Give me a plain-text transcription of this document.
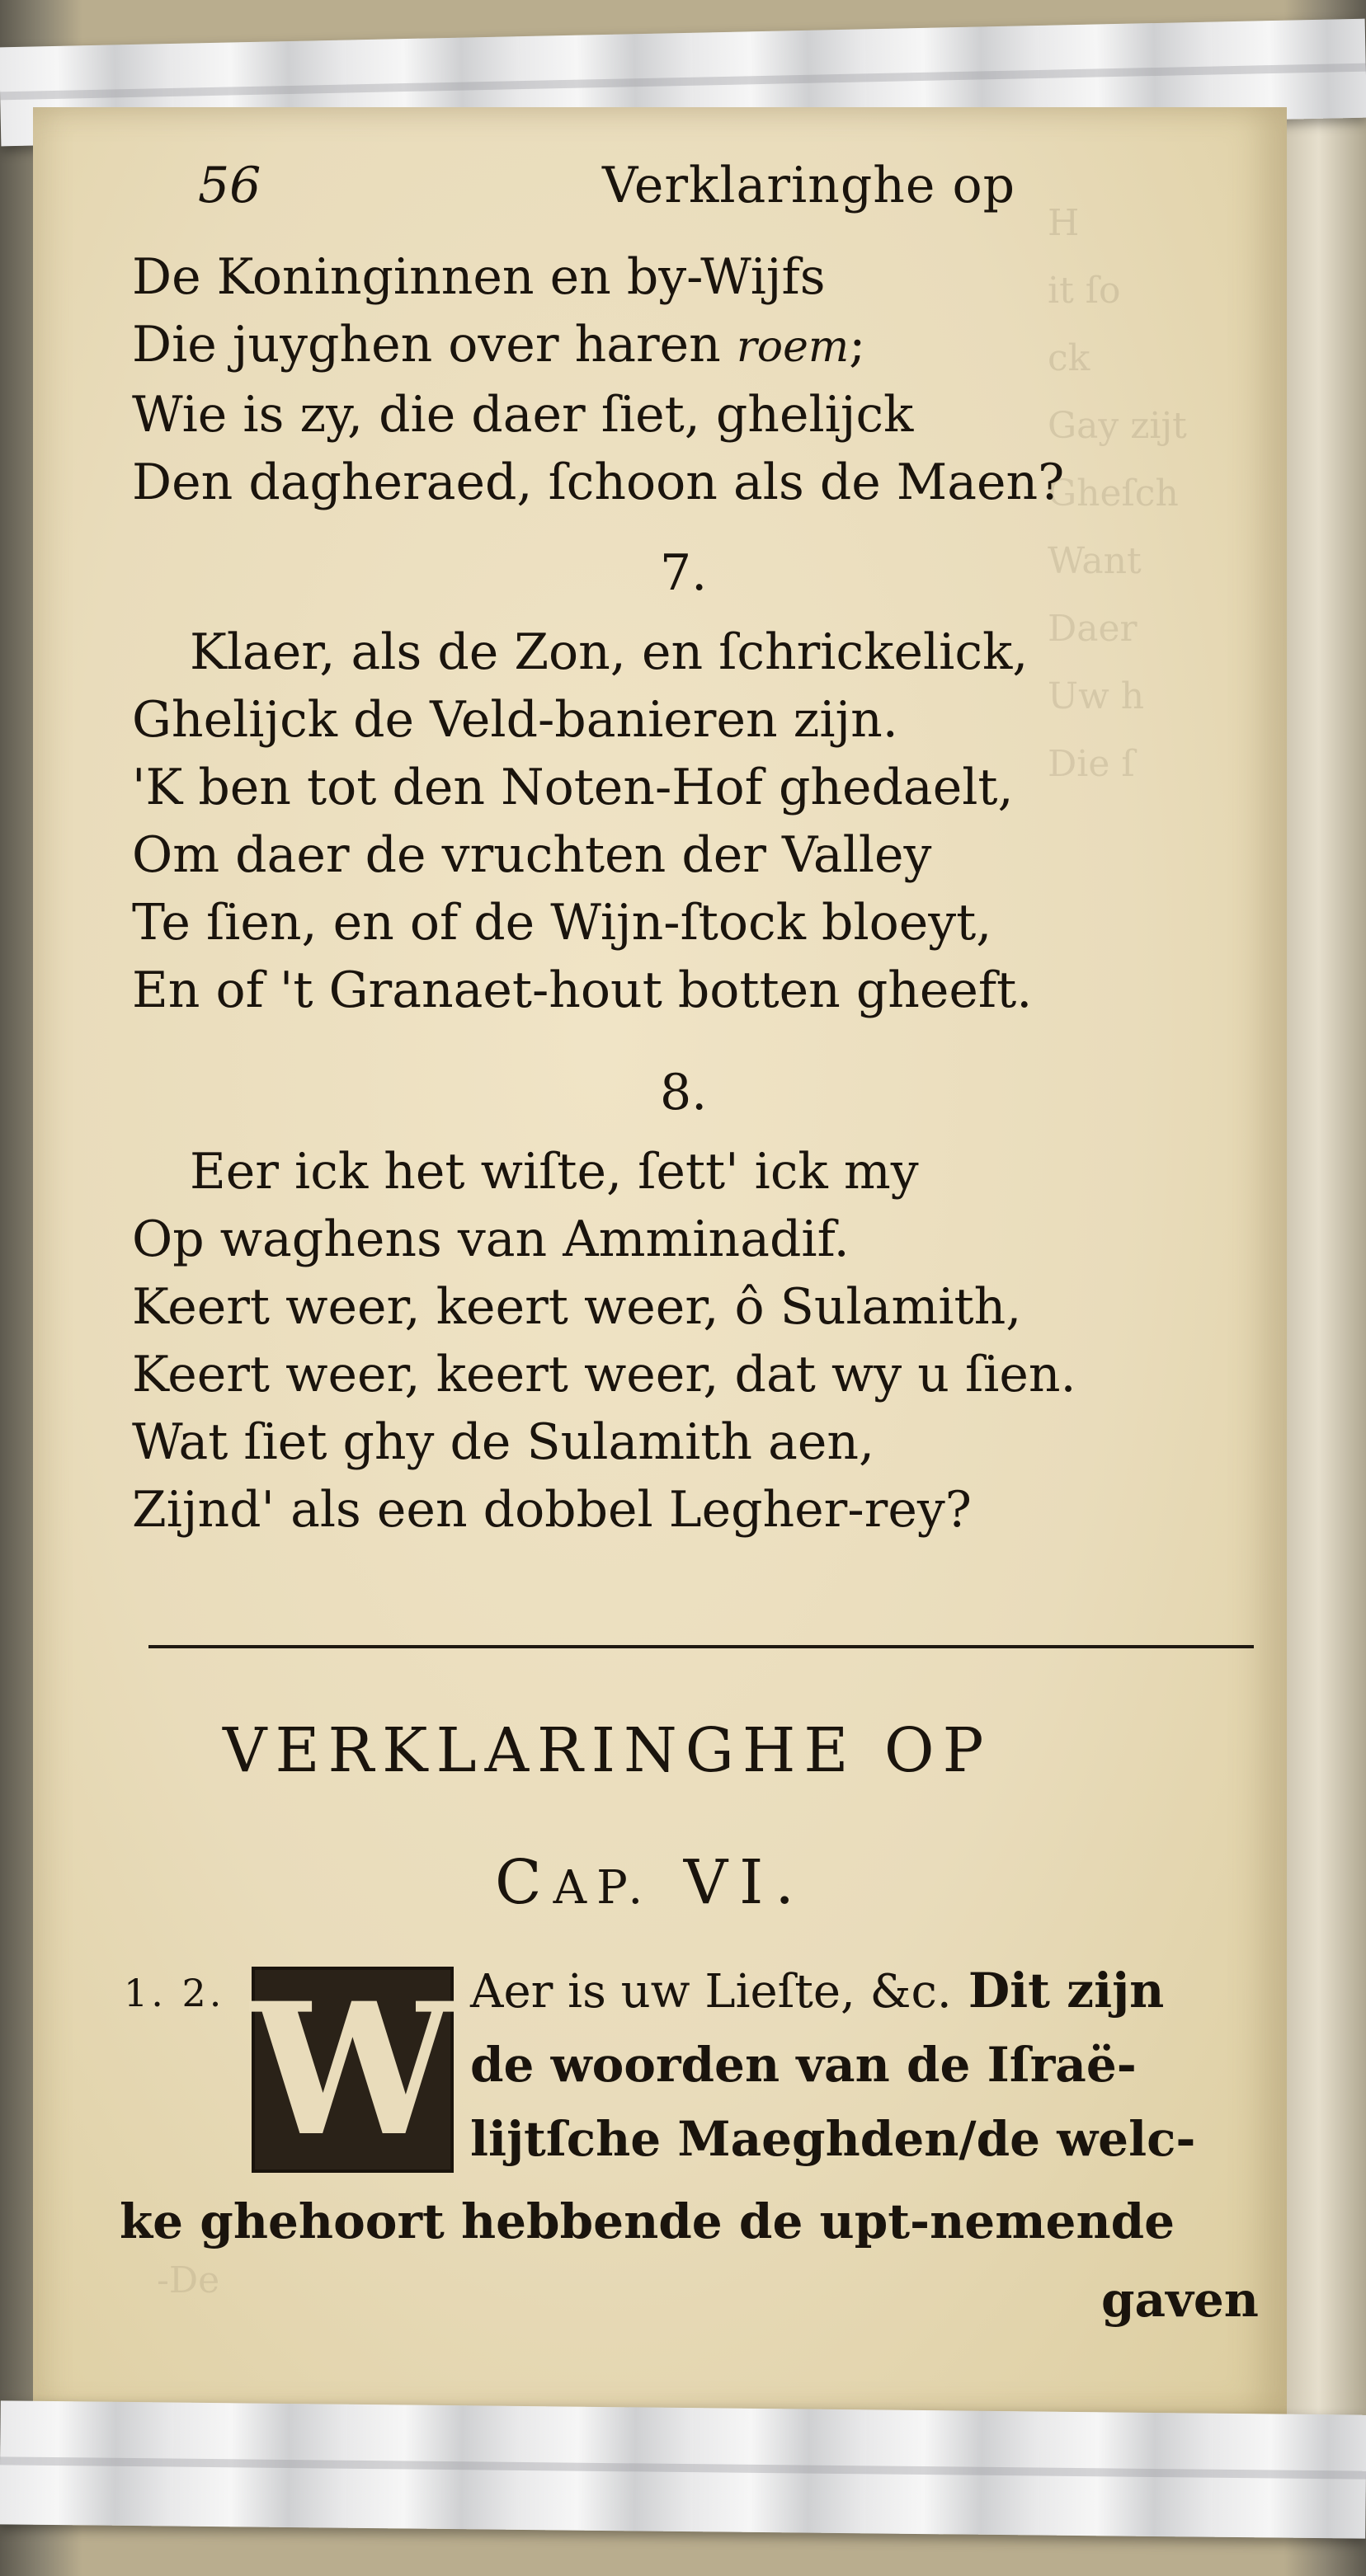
H
it ſo
ck
Gay zijt
Gheſch
Want
Daer
Uw h
Die ſ

-De
56	Verklaringhe op
De Koninginnen en by-Wijfs
Die juyghen over haren roem;
Wie is zy, die daer ſiet, ghelijck
Den dagheraed, ſchoon als de Maen?
7.
Klaer, als de Zon, en ſchrickelick,
Ghelijck de Veld-banieren zijn.
'K ben tot den Noten-Hof ghedaelt,
Om daer de vruchten der Valley
Te ſien, en of de Wijn-ſtock bloeyt,
En of 't Granaet-hout botten gheeft.
8.
Eer ick het wiſte, ſett' ick my
Op waghens van Amminadif.
Keert weer, keert weer, ô Sulamith,
Keert weer, keert weer, dat wy u ſien.
Wat ſiet ghy de Sulamith aen,
Zijnd' als een dobbel Legher-rey?
VERKLARINGHE OP
CAP. VI.
1. 2. W Aer is uw Lieſte, &c. Dit zijn
de woorden van de Iſraë-
lijtſche Maeghden/de welc-
ke ghehoort hebbende de upt-nemende
gaven
